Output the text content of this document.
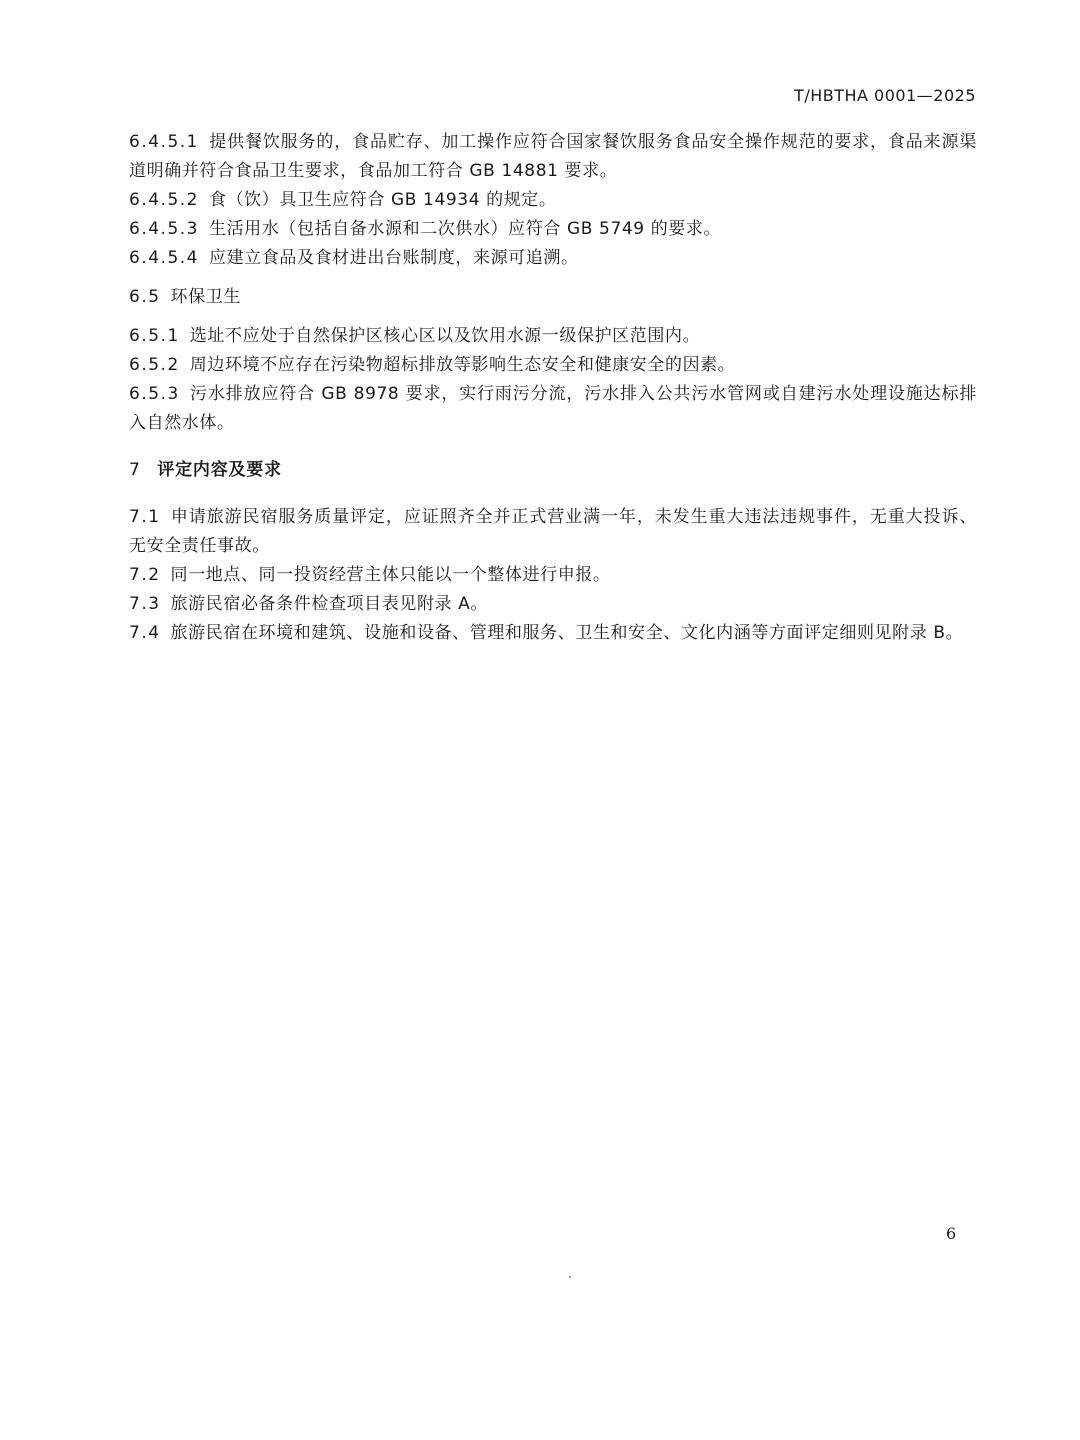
T/HBTHA 0001—2025

6.4.5.1 提供餐饮服务的，食品贮存、加工操作应符合国家餐饮服务食品安全操作规范的要求，食品来源渠道明确并符合食品卫生要求，食品加工符合 GB 14881 要求。

6.4.5.2 食（饮）具卫生应符合 GB 14934 的规定。

6.4.5.3 生活用水（包括自备水源和二次供水）应符合 GB 5749 的要求。

6.4.5.4 应建立食品及食材进出台账制度，来源可追溯。

6.5 环保卫生

6.5.1 选址不应处于自然保护区核心区以及饮用水源一级保护区范围内。

6.5.2 周边环境不应存在污染物超标排放等影响生态安全和健康安全的因素。

6.5.3 污水排放应符合 GB 8978 要求，实行雨污分流，污水排入公共污水管网或自建污水处理设施达标排入自然水体。

7 评定内容及要求

7.1 申请旅游民宿服务质量评定，应证照齐全并正式营业满一年，未发生重大违法违规事件，无重大投诉、无安全责任事故。

7.2 同一地点、同一投资经营主体只能以一个整体进行申报。

7.3 旅游民宿必备条件检查项目表见附录 A。

7.4 旅游民宿在环境和建筑、设施和设备、管理和服务、卫生和安全、文化内涵等方面评定细则见附录 B。

6
